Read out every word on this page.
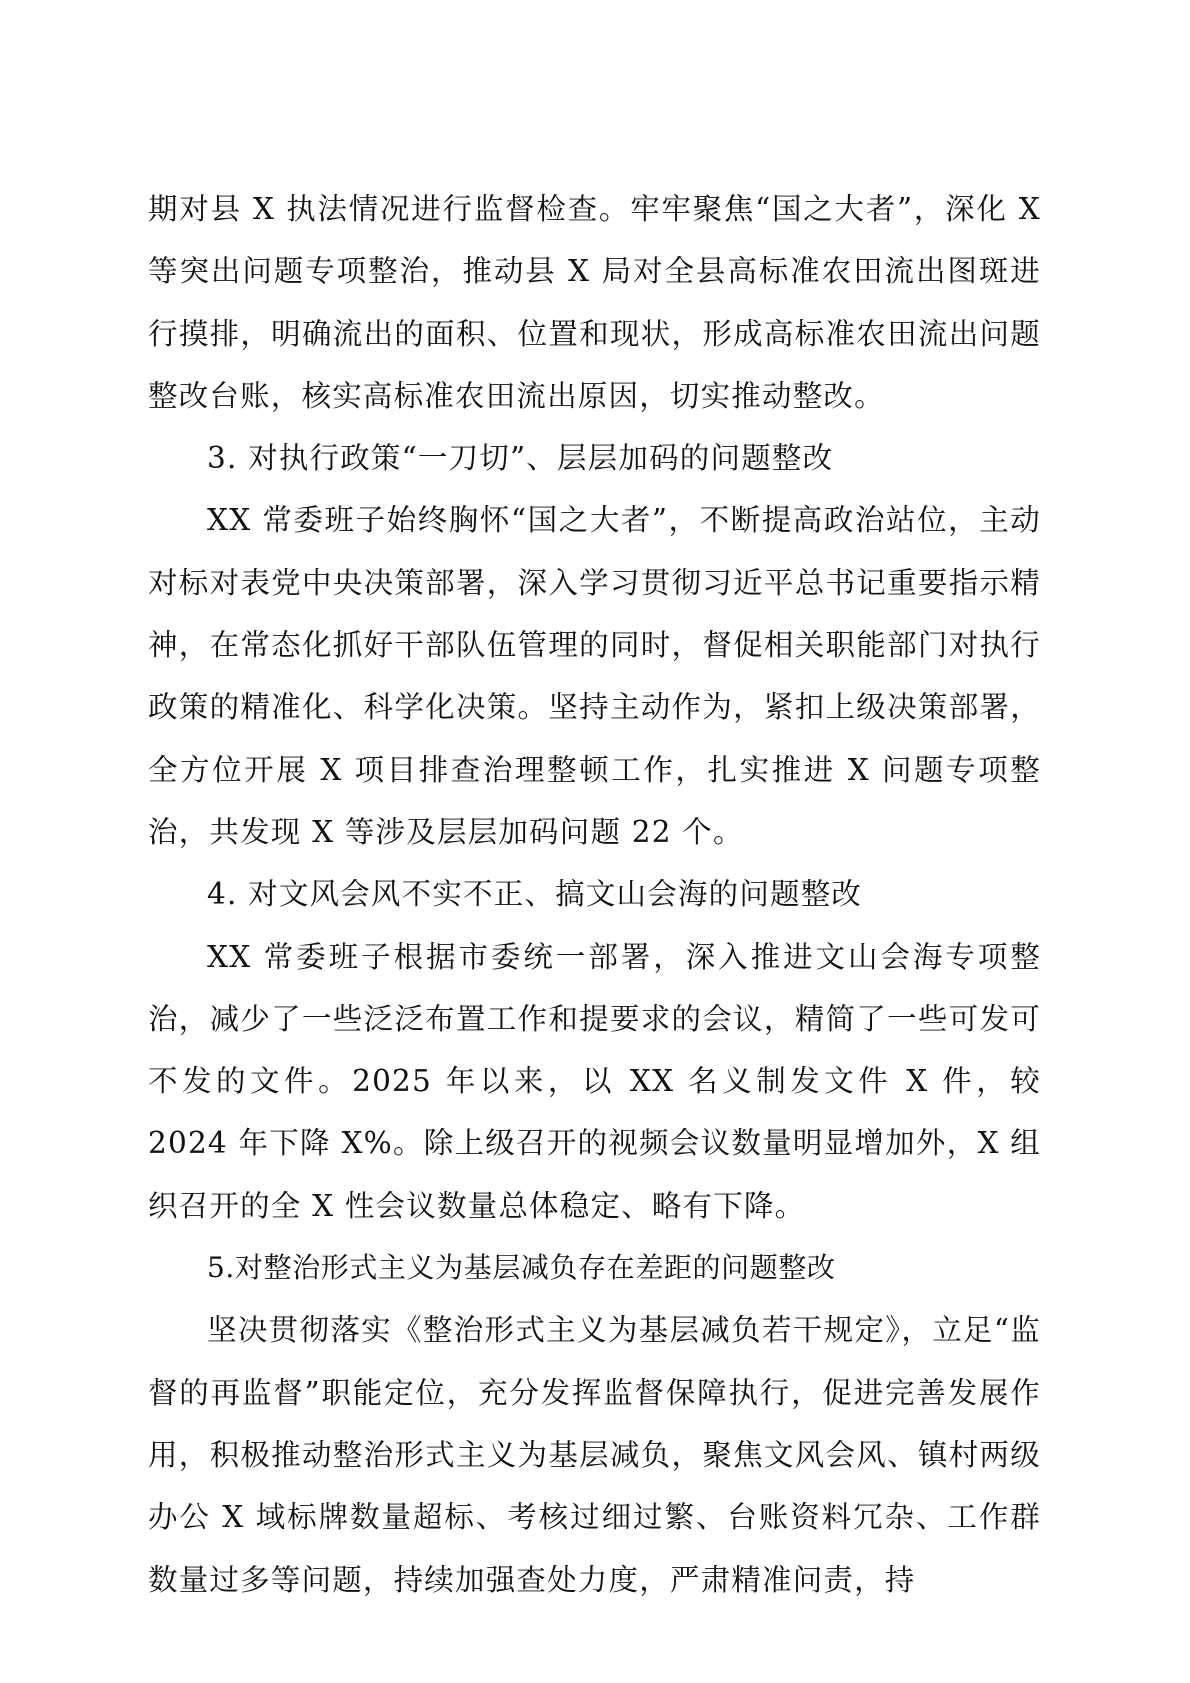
期对县 X 执法情况进行监督检查。牢牢聚焦“国之大者”，深化 X 等突出问题专项整治，推动县 X 局对全县高标准农田流出图斑进行摸排，明确流出的面积、位置和现状，形成高标准农田流出问题整改台账，核实高标准农田流出原因，切实推动整改。

3. 对执行政策“一刀切”、层层加码的问题整改

XX 常委班子始终胸怀“国之大者”，不断提高政治站位，主动对标对表党中央决策部署，深入学习贯彻习近平总书记重要指示精神，在常态化抓好干部队伍管理的同时，督促相关职能部门对执行政策的精准化、科学化决策。坚持主动作为，紧扣上级决策部署，全方位开展 X 项目排查治理整顿工作，扎实推进 X 问题专项整治，共发现 X 等涉及层层加码问题 22 个。

4. 对文风会风不实不正、搞文山会海的问题整改

XX 常委班子根据市委统一部署，深入推进文山会海专项整治，减少了一些泛泛布置工作和提要求的会议，精简了一些可发可不发的文件。2025 年以来，以 XX 名义制发文件 X 件，较 2024 年下降 X%。除上级召开的视频会议数量明显增加外，X 组织召开的全 X 性会议数量总体稳定、略有下降。

5.对整治形式主义为基层减负存在差距的问题整改

坚决贯彻落实《整治形式主义为基层减负若干规定》，立足“监督的再监督”职能定位，充分发挥监督保障执行，促进完善发展作用，积极推动整治形式主义为基层减负，聚焦文风会风、镇村两级办公 X 域标牌数量超标、考核过细过繁、台账资料冗杂、工作群数量过多等问题，持续加强查处力度，严肃精准问责，持
